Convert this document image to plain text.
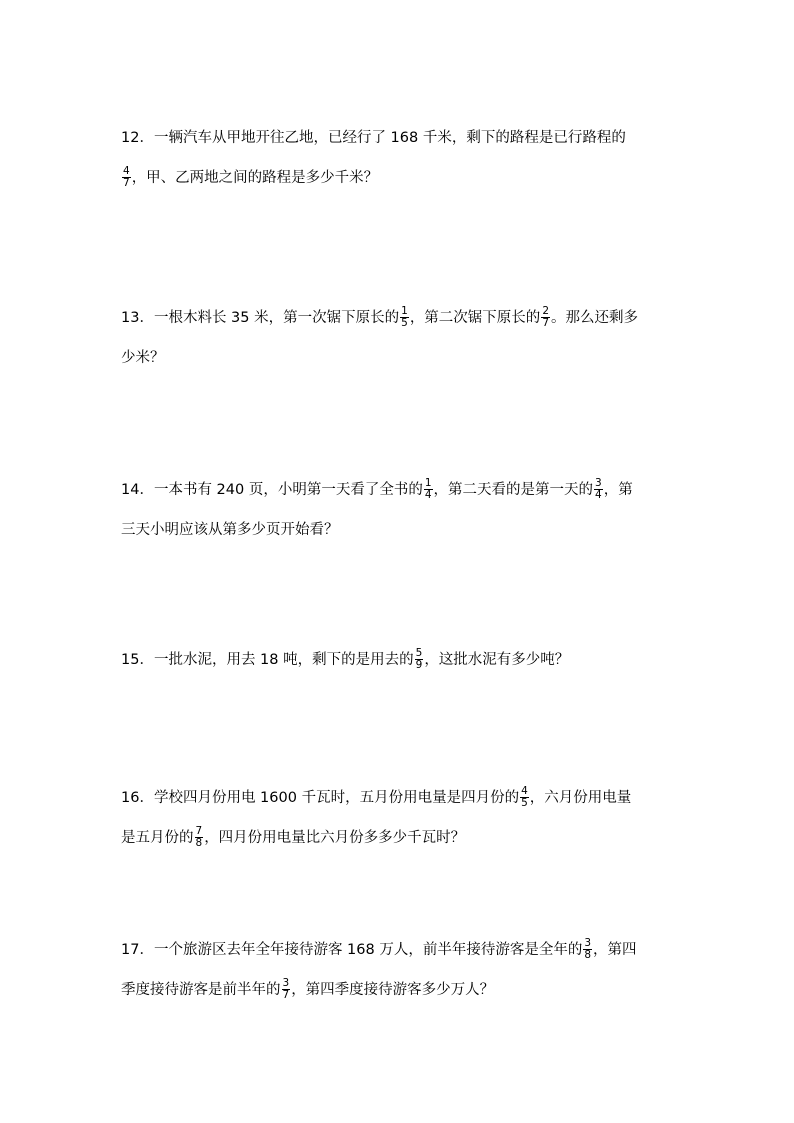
12．一辆汽车从甲地开往乙地，已经行了 168 千米，剩下的路程是已行路程的
$\frac{4}{7}$ ，甲、乙两地之间的路程是多少千米？
13．一根木料长 35 米，第一次锯下原长的 $\frac{1}{5}$ ，第二次锯下原长的 $\frac{2}{7}$ 。那么还剩多
少米？
14．一本书有 240 页，小明第一天看了全书的 $\frac{1}{4}$ ，第二天看的是第一天的 $\frac{3}{4}$ ，第
三天小明应该从第多少页开始看？
15．一批水泥，用去 18 吨，剩下的是用去的 $\frac{5}{9}$ ，这批水泥有多少吨？
16．学校四月份用电 1600 千瓦时，五月份用电量是四月份的 $\frac{4}{5}$ ，六月份用电量
是五月份的 $\frac{7}{8}$ ，四月份用电量比六月份多多少千瓦时？
17．一个旅游区去年全年接待游客 168 万人，前半年接待游客是全年的 $\frac{3}{8}$ ，第四
季度接待游客是前半年的 $\frac{3}{7}$ ，第四季度接待游客多少万人？
